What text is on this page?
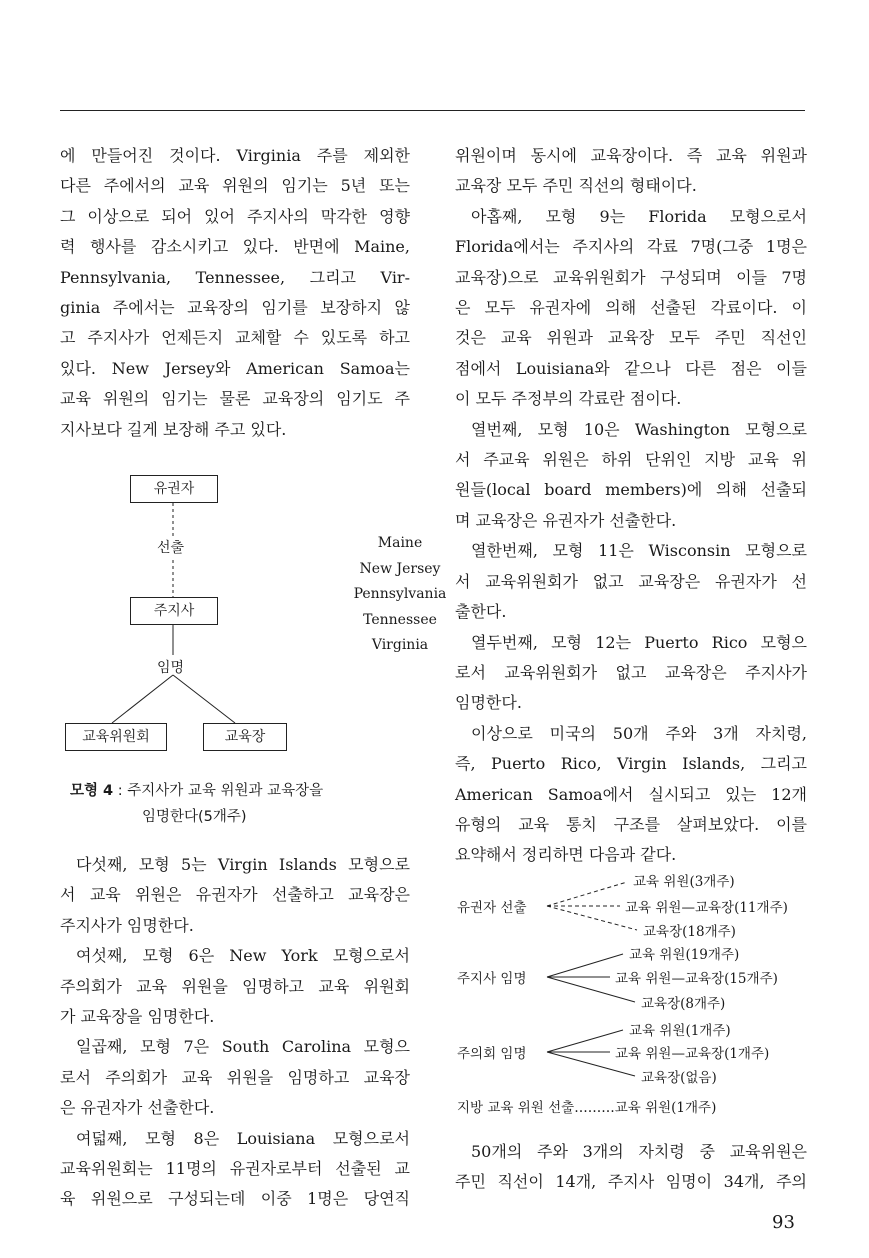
에 만들어진 것이다. Virginia 주를 제외한
다른 주에서의 교육 위원의 임기는 5년 또는
그 이상으로 되어 있어 주지사의 막각한 영향
력 행사를 감소시키고 있다. 반면에 Maine,
Pennsylvania, Tennessee, 그리고 Vir-
ginia 주에서는 교육장의 임기를 보장하지 않
고 주지사가 언제든지 교체할 수 있도록 하고
있다. New Jersey와 American Samoa는
교육 위원의 임기는 물론 교육장의 임기도 주
지사보다 길게 보장해 주고 있다.
유권자
선출
주지사
임명
교육위원회	교육장
Maine
New Jersey
Pennsylvania
Tennessee
Virginia
모형 4 : 주지사가 교육 위원과 교육장을
임명한다(5개주)

다섯째, 모형 5는 Virgin Islands 모형으로
서 교육 위원은 유권자가 선출하고 교육장은
주지사가 임명한다.

여섯째, 모형 6은 New York 모형으로서
주의회가 교육 위원을 임명하고 교육 위원회
가 교육장을 임명한다.

일곱째, 모형 7은 South Carolina 모형으
로서 주의회가 교육 위원을 임명하고 교육장
은 유권자가 선출한다.

여덟째, 모형 8은 Louisiana 모형으로서
교육위원회는 11명의 유권자로부터 선출된 교
육 위원으로 구성되는데 이중 1명은 당연직

위원이며 동시에 교육장이다. 즉 교육 위원과
교육장 모두 주민 직선의 형태이다.

아홉째, 모형 9는 Florida 모형으로서
Florida에서는 주지사의 각료 7명(그중 1명은
교육장)으로 교육위원회가 구성되며 이들 7명
은 모두 유권자에 의해 선출된 각료이다. 이
것은 교육 위원과 교육장 모두 주민 직선인
점에서 Louisiana와 같으나 다른 점은 이들
이 모두 주정부의 각료란 점이다.

열번째, 모형 10은 Washington 모형으로
서 주교육 위원은 하위 단위인 지방 교육 위
원들(local board members)에 의해 선출되
며 교육장은 유권자가 선출한다.

열한번째, 모형 11은 Wisconsin 모형으로
서 교육위원회가 없고 교육장은 유권자가 선
출한다.

열두번째, 모형 12는 Puerto Rico 모형으
로서 교육위원회가 없고 교육장은 주지사가
임명한다.

이상으로 미국의 50개 주와 3개 자치령,
즉, Puerto Rico, Virgin Islands, 그리고
American Samoa에서 실시되고 있는 12개
유형의 교육 통치 구조를 살펴보았다. 이를
요약해서 정리하면 다음과 같다.

유권자 선출
교육 위원(3개주)
교육 위원—교육장(11개주)
교육장(18개주)
주지사 임명
교육 위원(19개주)
교육 위원—교육장(15개주)
교육장(8개주)
주의회 임명
교육 위원(1개주)
교육 위원—교육장(1개주)
교육장(없음)
지방 교육 위원 선출………교육 위원(1개주)
50개의 주와 3개의 자치령 중 교육위원은
주민 직선이 14개, 주지사 임명이 34개, 주의
93
